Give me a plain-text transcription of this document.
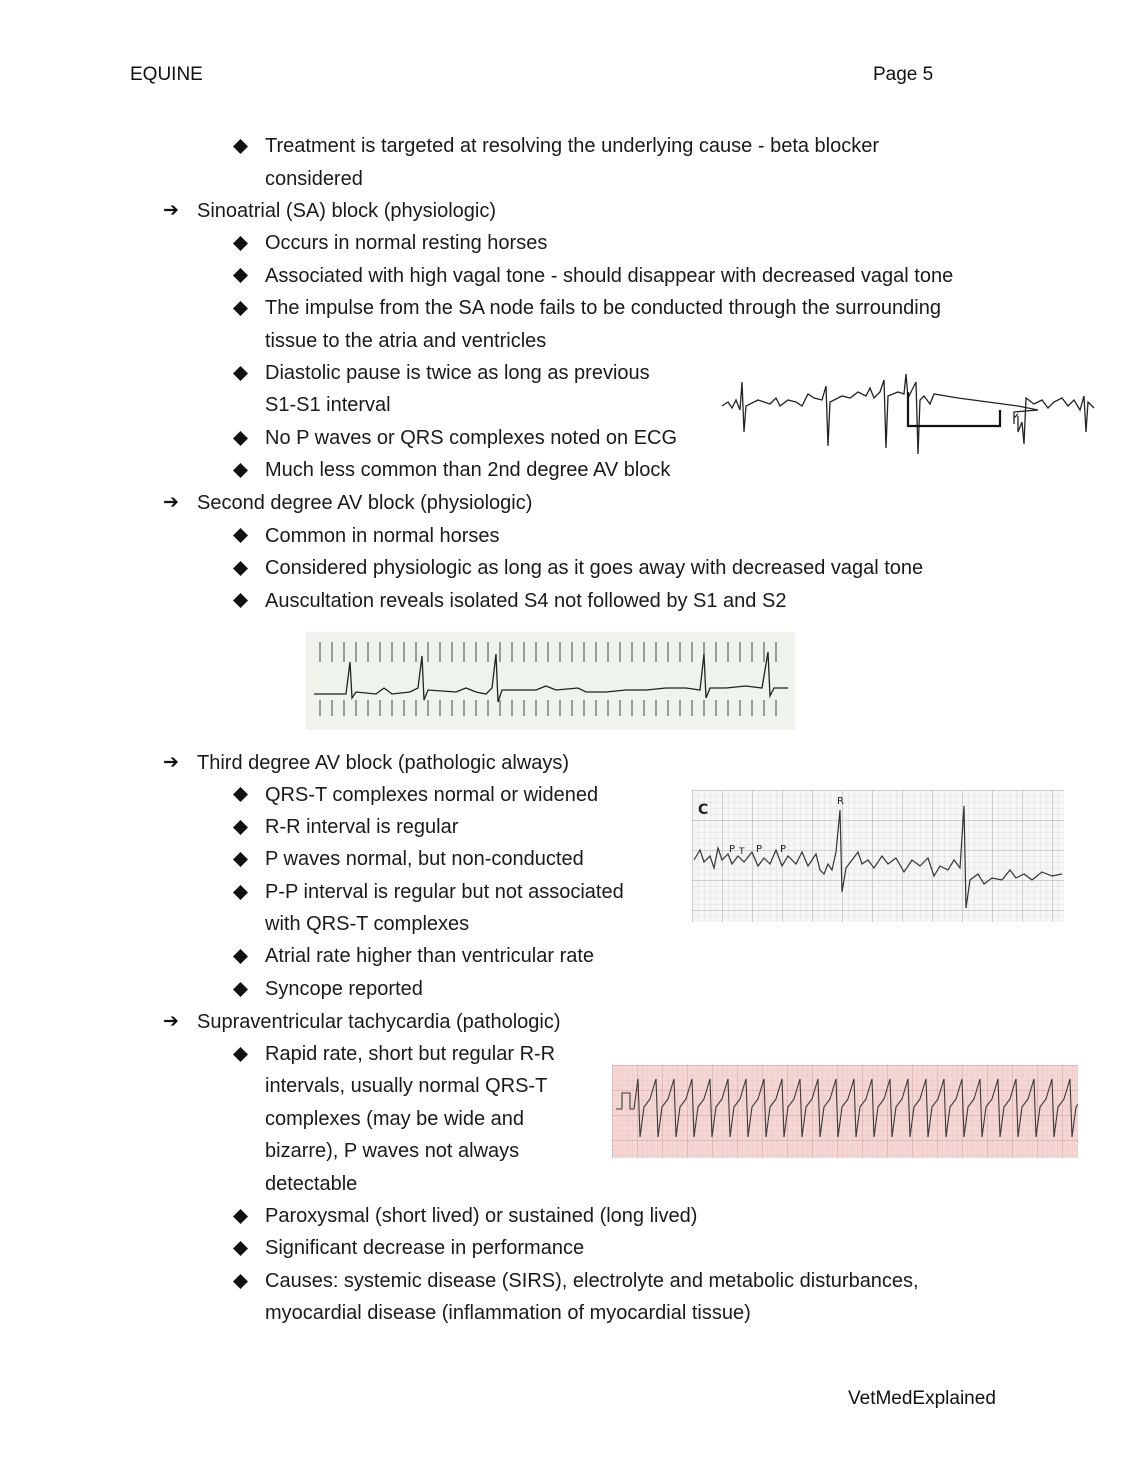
EQUINE	Page 5
VetMedExplained
Treatment is targeted at resolving the underlying cause - beta blocker
considered
➔ Sinoatrial (SA) block (physiologic)
Occurs in normal resting horses
Associated with high vagal tone - should disappear with decreased vagal tone
The impulse from the SA node fails to be conducted through the surrounding
tissue to the atria and ventricles
Diastolic pause is twice as long as previous
S1-S1 interval
No P waves or QRS complexes noted on ECG
Much less common than 2nd degree AV block
➔ Second degree AV block (physiologic)
Common in normal horses
Considered physiologic as long as it goes away with decreased vagal tone
Auscultation reveals isolated S4 not followed by S1 and S2
➔ Third degree AV block (pathologic always)
QRS-T complexes normal or widened
R-R interval is regular
P waves normal, but non-conducted
P-P interval is regular but not associated
with QRS-T complexes
Atrial rate higher than ventricular rate
Syncope reported
C
R
P T P P
➔ Supraventricular tachycardia (pathologic)
Rapid rate, short but regular R-R
intervals, usually normal QRS-T
complexes (may be wide and
bizarre), P waves not always
detectable
Paroxysmal (short lived) or sustained (long lived)
Significant decrease in performance
Causes: systemic disease (SIRS), electrolyte and metabolic disturbances,
myocardial disease (inflammation of myocardial tissue)
